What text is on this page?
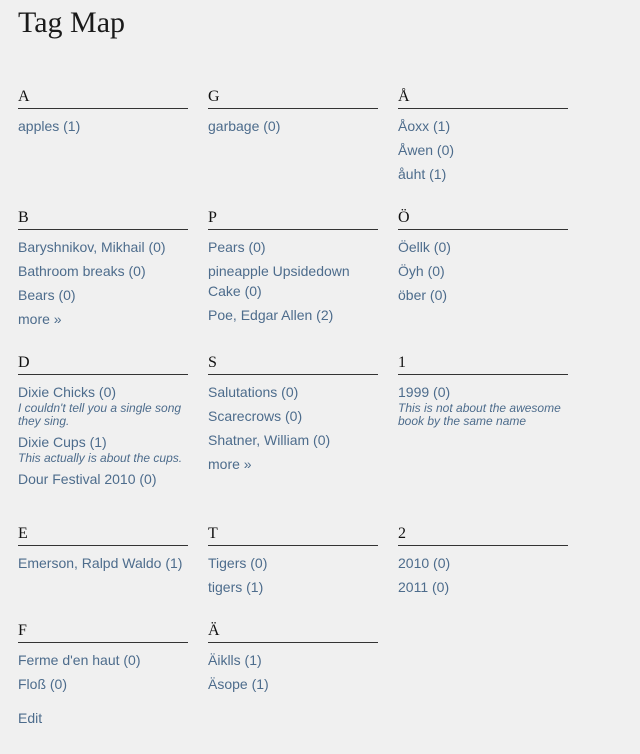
Tag Map
A
apples (1)
G
garbage (0)
Å
Åoxx (1)
Åwen (0)
åuht (1)
B
Baryshnikov, Mikhail (0)
Bathroom breaks (0)
Bears (0)
more »
P
Pears (0)
pineapple Upsidedown Cake (0)
Poe, Edgar Allen (2)
Ö
Öellk (0)
Öyh (0)
öber (0)
D
Dixie Chicks (0)
I couldn't tell you a single song they sing.
Dixie Cups (1)
This actually is about the cups.
Dour Festival 2010 (0)
S
Salutations (0)
Scarecrows (0)
Shatner, William (0)
more »
1
1999 (0)
This is not about the awesome book by the same name
E
Emerson, Ralpd Waldo (1)
T
Tigers (0)
tigers (1)
2
2010 (0)
2011 (0)
F
Ferme d'en haut (0)
Floß (0)
Ä
Äiklls (1)
Äsope (1)
Edit
